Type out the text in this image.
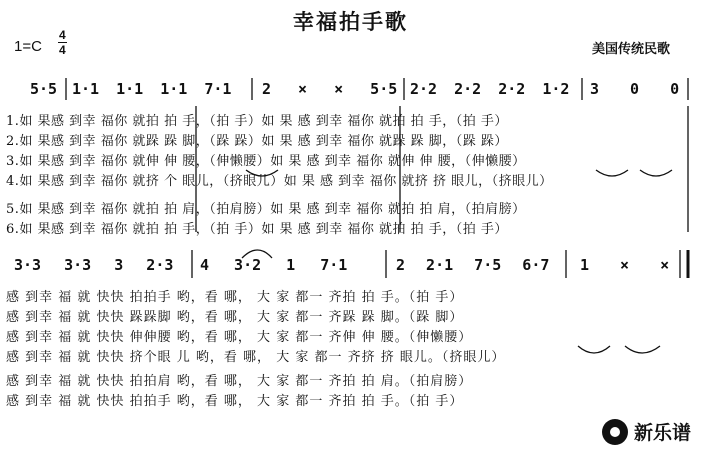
幸福拍手歌
1=C
4
4	美国传统民歌
5·5 1·1 1·1 1·1 7·1 2 × × 5·5 2·2 2·2 2·2 1·2 3 0 0
1.如 果感 到幸 福你 就拍 拍 手，（拍 手）如 果 感 到幸 福你 就拍 拍 手，（拍 手）
2.如 果感 到幸 福你 就跺 跺 脚，（跺 跺）如 果 感 到幸 福你 就跺 跺 脚，（跺 跺）
3.如 果感 到幸 福你 就伸 伸 腰，（伸懒腰）如 果 感 到幸 福你 就伸 伸 腰，（伸懒腰）
4.如 果感 到幸 福你 就挤 个 眼儿，（挤眼儿）如 果 感 到幸 福你 就挤 挤 眼儿，（挤眼儿）
5.如 果感 到幸 福你 就拍 拍 肩，（拍肩膀）如 果 感 到幸 福你 就拍 拍 肩，（拍肩膀）
6.如 果感 到幸 福你 就拍 拍 手，（拍 手）如 果 感 到幸 福你 就拍 拍 手，（拍 手）
3·3 3·3 3 2·3 4 3·2 1 7·1	2 2·1 7·5 6·7 1 × ×
感 到幸 福 就 快快 拍拍手 哟，看 哪， 大 家 都一 齐拍 拍 手。（拍 手）
感 到幸 福 就 快快 跺跺脚 哟，看 哪， 大 家 都一 齐跺 跺 脚。（跺 脚）
感 到幸 福 就 快快 伸伸腰 哟，看 哪， 大 家 都一 齐伸 伸 腰。（伸懒腰）
感 到幸 福 就 快快 挤个眼 儿 哟，看 哪， 大 家 都一 齐挤 挤 眼儿。（挤眼儿）
感 到幸 福 就 快快 拍拍肩 哟，看 哪， 大 家 都一 齐拍 拍 肩。（拍肩膀）
感 到幸 福 就 快快 拍拍手 哟，看 哪， 大 家 都一 齐拍 拍 手。（拍 手）
新乐谱
